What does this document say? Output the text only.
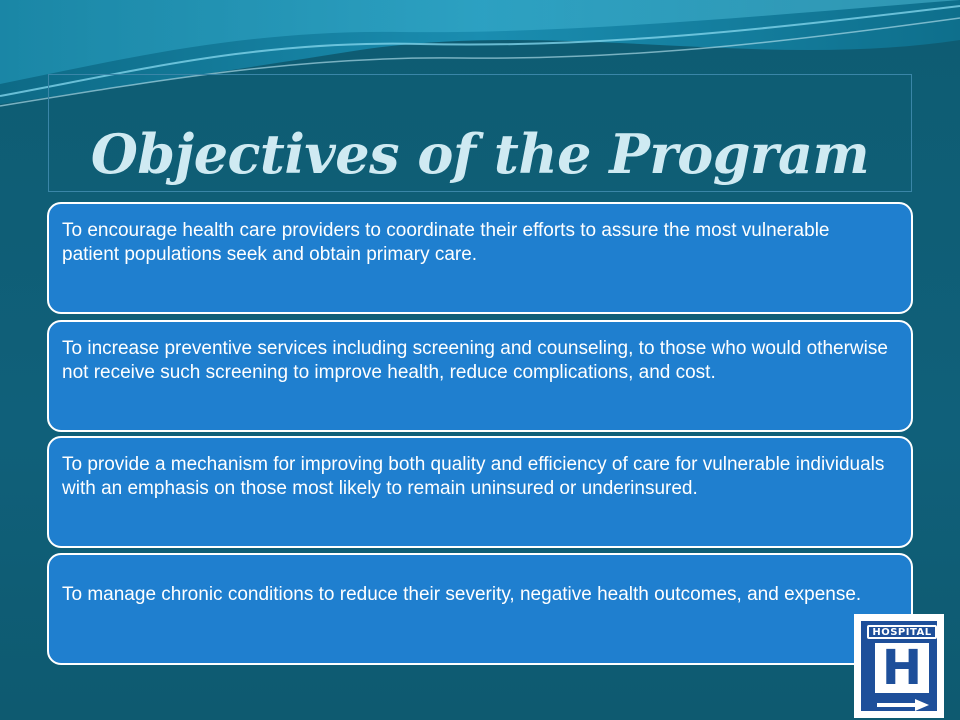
Objectives of the Program
To encourage health care providers to coordinate their efforts to assure the most vulnerable patient populations seek and obtain primary care.
To increase preventive services including screening and counseling, to those who would otherwise not receive such screening to improve health, reduce complications, and cost.
To provide a mechanism for improving both quality and efficiency of care for vulnerable individuals with an emphasis on those most likely to remain uninsured or underinsured.
To manage chronic conditions to reduce their severity, negative health outcomes, and expense.
HOSPITAL
H
